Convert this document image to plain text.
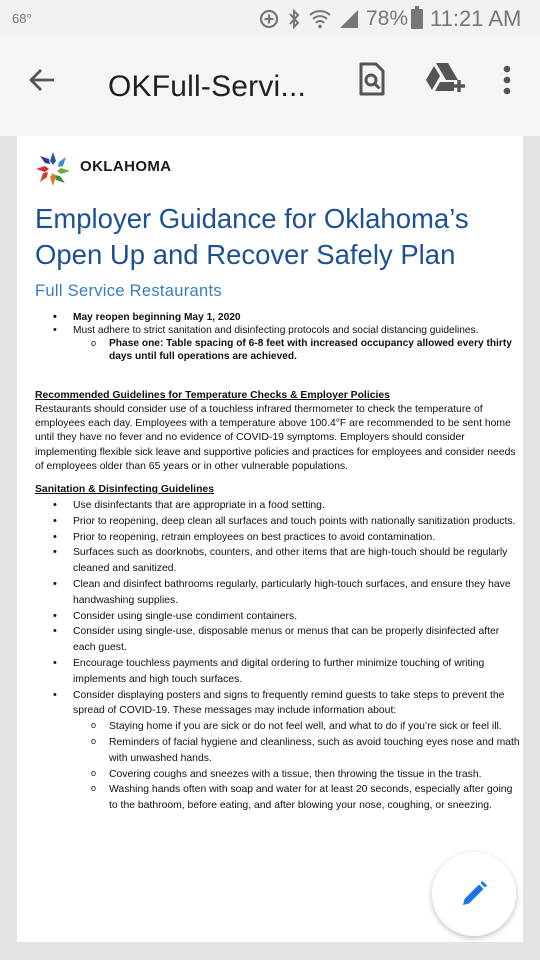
68°	78% 11:21 AM
OKFull-Servi...
OKLAHOMA
Employer Guidance for Oklahoma’s
Open Up and Recover Safely Plan
Full Service Restaurants
• May reopen beginning May 1, 2020
• Must adhere to strict sanitation and disinfecting protocols and social distancing guidelines.
o Phase one: Table spacing of 6-8 feet with increased occupancy allowed every thirty days until full operations are achieved.
Recommended Guidelines for Temperature Checks & Employer Policies
Restaurants should consider use of a touchless infrared thermometer to check the temperature of employees each day. Employees with a temperature above 100.4°F are recommended to be sent home until they have no fever and no evidence of COVID-19 symptoms. Employers should consider implementing flexible sick leave and supportive policies and practices for employees and consider needs of employees older than 65 years or in other vulnerable populations.
Sanitation & Disinfecting Guidelines
• Use disinfectants that are appropriate in a food setting.
• Prior to reopening, deep clean all surfaces and touch points with nationally sanitization products.
• Prior to reopening, retrain employees on best practices to avoid contamination.
• Surfaces such as doorknobs, counters, and other items that are high-touch should be regularly cleaned and sanitized.
• Clean and disinfect bathrooms regularly, particularly high-touch surfaces, and ensure they have handwashing supplies.
• Consider using single-use condiment containers.
• Consider using single-use, disposable menus or menus that can be properly disinfected after each guest.
• Encourage touchless payments and digital ordering to further minimize touching of writing implements and high touch surfaces.
• Consider displaying posters and signs to frequently remind guests to take steps to prevent the spread of COVID-19. These messages may include information about:
o Staying home if you are sick or do not feel well, and what to do if you’re sick or feel ill.
o Reminders of facial hygiene and cleanliness, such as avoid touching eyes nose and math with unwashed hands.
o Covering coughs and sneezes with a tissue, then throwing the tissue in the trash.
o Washing hands often with soap and water for at least 20 seconds, especially after going to the bathroom, before eating, and after blowing your nose, coughing, or sneezing.
